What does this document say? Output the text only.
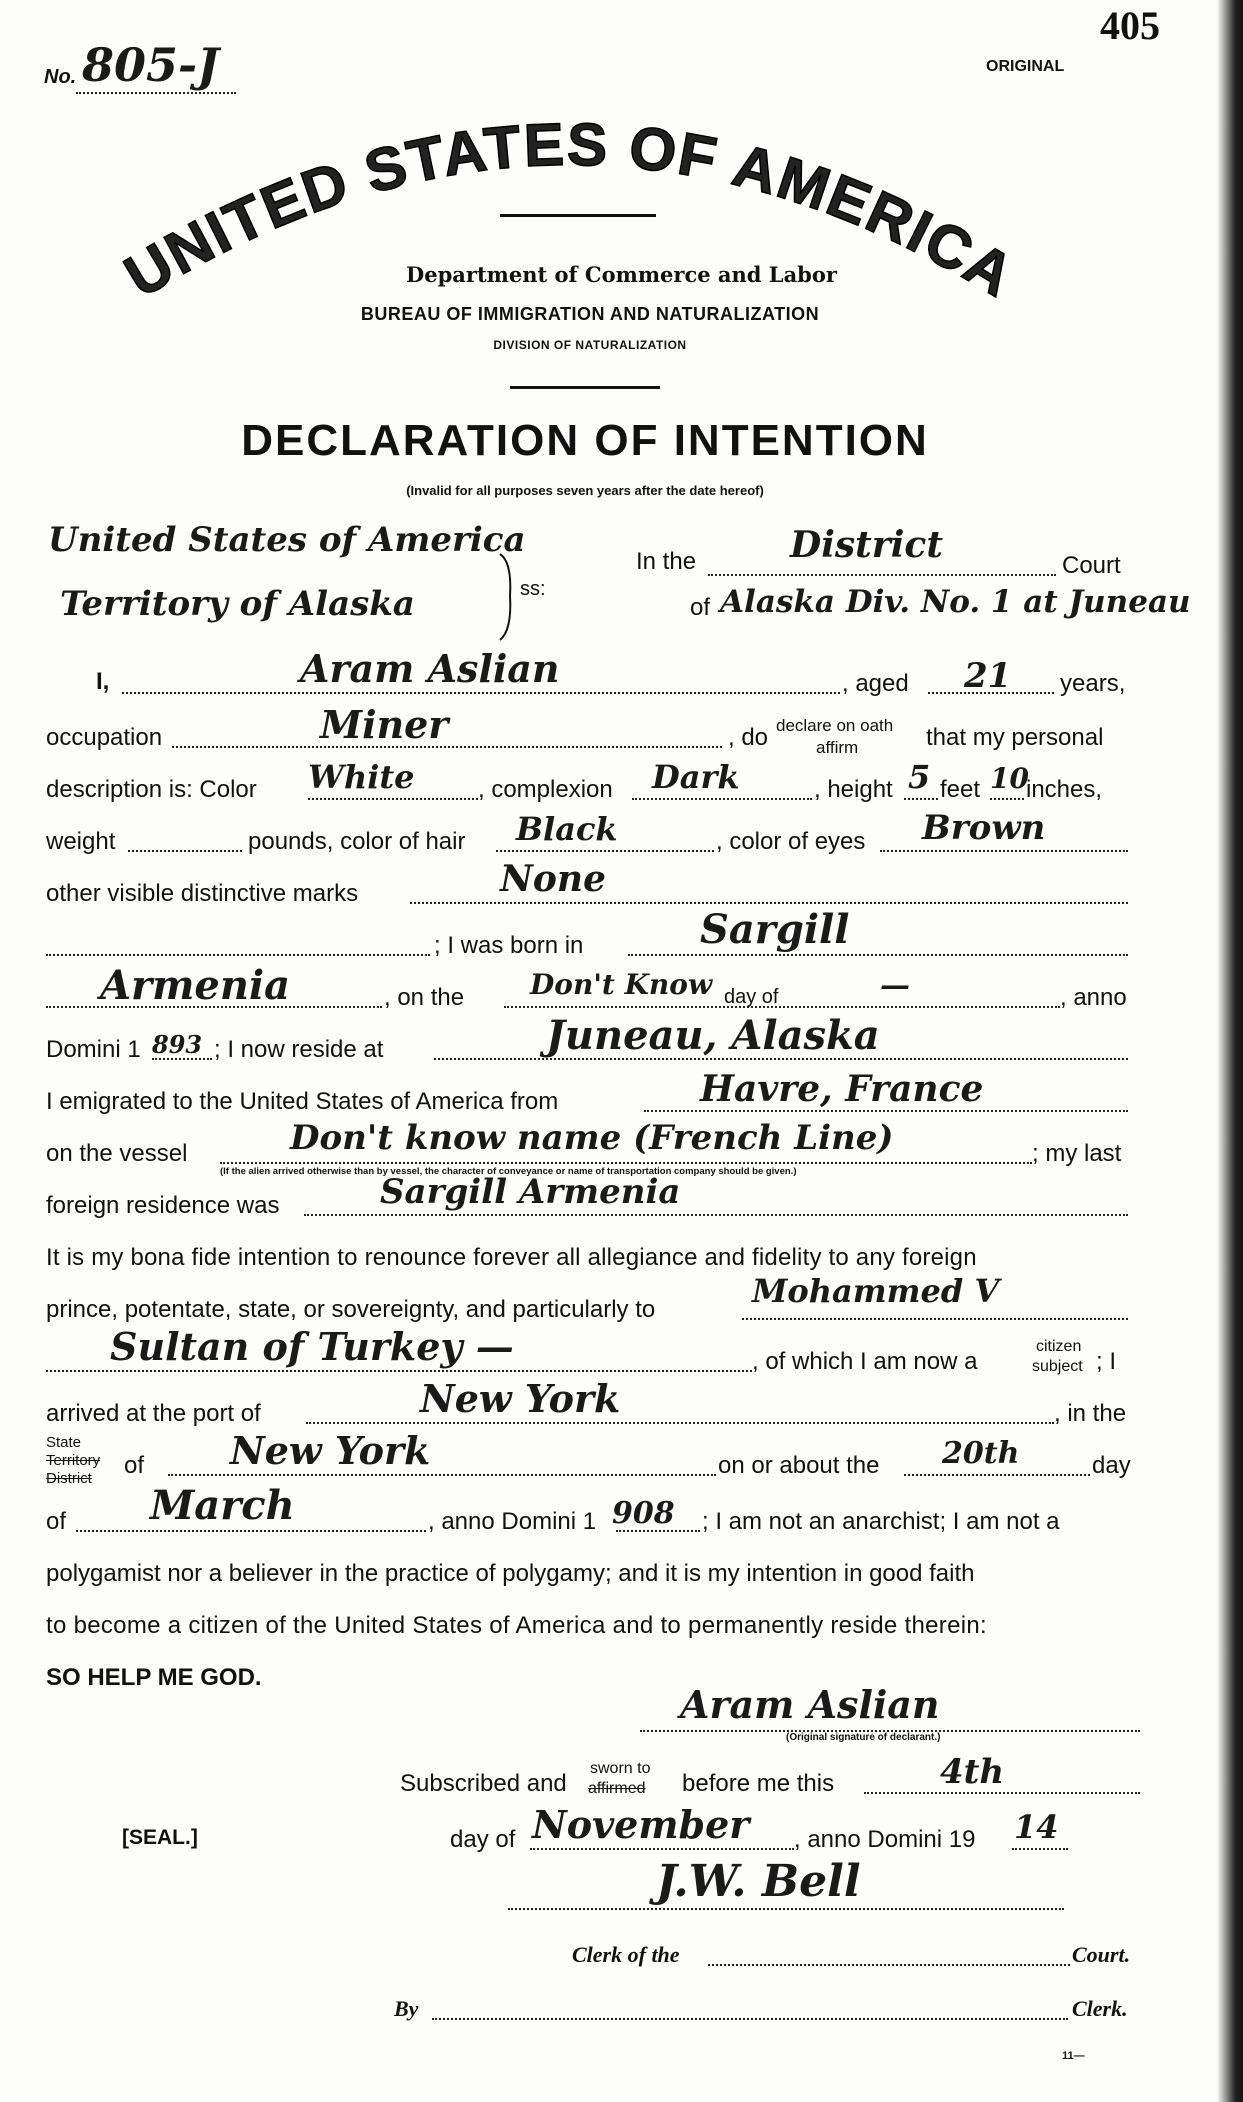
No. 805-J
405
ORIGINAL
UNITED STATES OF AMERICA
Department of Commerce and Labor
BUREAU OF IMMIGRATION AND NATURALIZATION
DIVISION OF NATURALIZATION
DECLARATION OF INTENTION
(Invalid for all purposes seven years after the date hereof)
United States of America
Territory of Alaska	ss:
In the	District	Court
of Alaska Div. No. 1 at Juneau
I,	Aram Aslian	, aged 21 years,
occupation	Miner	, do declare on oath
affirm	that my personal
description is: Color White	, complexion Dark	, height 5 feet 10
inches,
weight	pounds, color of hair Black	, color of eyes Brown
other visible distinctive marks	None
; I was born in	Sargill
Armenia	, on the Don't Know day of	—	, anno
Domini 1 893 ; I now reside at	Juneau, Alaska
I emigrated to the United States of America from	Havre, France
on the vessel	Don't know name (French Line)
(If the alien arrived otherwise than by vessel, the character of conveyance or name of transportation company should be given.)
; my last
foreign residence was	Sargill Armenia
It is my bona fide intention to renounce forever all allegiance and fidelity to any foreign
prince, potentate, state, or sovereignty, and particularly to	Mohammed V
Sultan of Turkey —	, of which I am now a
citizen
subject ; I
arrived at the port of	New York	, in the
State
Territory
District of New York	on or about the 20th	day
of March	, anno Domini 1 908 ; I am not an anarchist; I am not a
polygamist nor a believer in the practice of polygamy; and it is my intention in good faith
to become a citizen of the United States of America and to permanently reside therein:
SO HELP ME GOD.
Aram Aslian
(Original signature of declarant.)
Subscribed and
sworn to
affirmed before me this	4th
[SEAL.]	day of November , anno Domini 19 14
J.W. Bell
Clerk of the	Court.
By	Clerk.
11—
